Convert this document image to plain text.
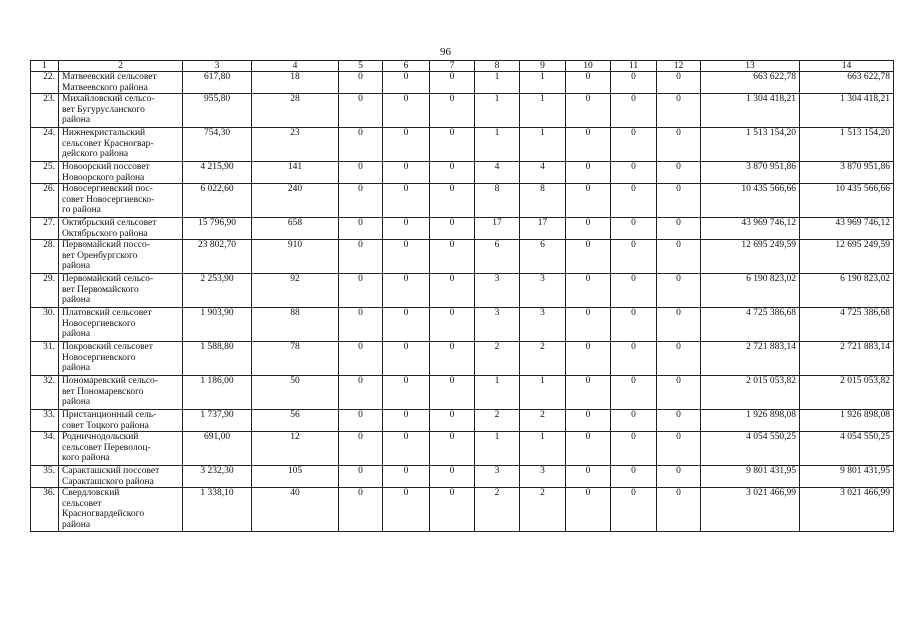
96
1	2	3	4	5	6	7	8	9	10	11	12	13	14
22.	Матвеевский сельсовет
Матвеевского района	617,80	18	0	0	0	1	1	0	0	0	663 622,78	663 622,78
23.	Михайловский сельсо-
вет Бугурусланского
района	955,80	28	0	0	0	1	1	0	0	0	1 304 418,21	1 304 418,21
24.	Нижнекристальский
сельсовет Красногвар-
дейского района	754,30	23	0	0	0	1	1	0	0	0	1 513 154,20	1 513 154,20
25.	Новоорский поссовет
Новоорского района	4 215,90	141	0	0	0	4	4	0	0	0	3 870 951,86	3 870 951,86
26.	Новосергиевский пос-
совет Новосергиевско-
го района	6 022,60	240	0	0	0	8	8	0	0	0	10 435 566,66	10 435 566,66
27.	Октябрьский сельсовет
Октябрьского района	15 796,90	658	0	0	0	17	17	0	0	0	43 969 746,12	43 969 746,12
28.	Первомайский поссо-
вет Оренбургского
района	23 802,70	910	0	0	0	6	6	0	0	0	12 695 249,59	12 695 249,59
29.	Первомайский сельсо-
вет Первомайского
района	2 253,90	92	0	0	0	3	3	0	0	0	6 190 823,02	6 190 823,02
30.	Платовский сельсовет
Новосергиевского
района	1 903,90	88	0	0	0	3	3	0	0	0	4 725 386,68	4 725 386,68
31.	Покровский сельсовет
Новосергиевского
района	1 588,80	78	0	0	0	2	2	0	0	0	2 721 883,14	2 721 883,14
32.	Пономаревский сельсо-
вет Пономаревского
района	1 186,00	50	0	0	0	1	1	0	0	0	2 015 053,82	2 015 053,82
33.	Пристанционный сель-
совет Тоцкого района	1 737,90	56	0	0	0	2	2	0	0	0	1 926 898,08	1 926 898,08
34.	Родничнодольский
сельсовет Переволоц-
кого района	691,00	12	0	0	0	1	1	0	0	0	4 054 550,25	4 054 550,25
35.	Саракташский поссовет
Саракташского района	3 232,30	105	0	0	0	3	3	0	0	0	9 801 431,95	9 801 431,95
36.	Свердловский
сельсовет
Красногвардейского
района	1 338,10	40	0	0	0	2	2	0	0	0	3 021 466,99	3 021 466,99
